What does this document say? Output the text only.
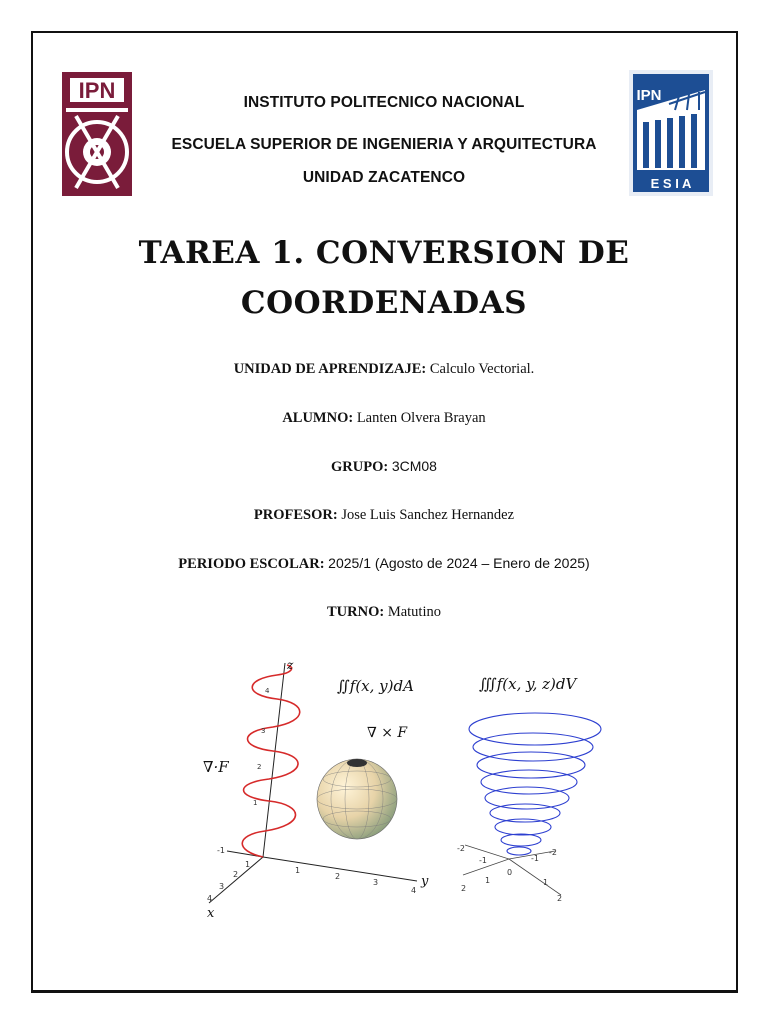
IPN	IPN
E S I A
INSTITUTO POLITECNICO NACIONAL
ESCUELA SUPERIOR DE INGENIERIA Y ARQUITECTURA
UNIDAD ZACATENCO
TAREA 1. CONVERSION DE
COORDENADAS
UNIDAD DE APRENDIZAJE: Calculo Vectorial.
ALUMNO: Lanten Olvera Brayan
GRUPO: 3CM08
PROFESOR: Jose Luis Sanchez Hernandez
PERIODO ESCOLAR: 2025/1 (Agosto de 2024 – Enero de 2025)
TURNO: Matutino
∇·F
∇ × F
∬f(x, y)dA	∭f(x, y, z)dV
z
y
x
4
3
2
1
1
2
3
4
1
2
3
4
-1	-2
-1
0
1
2
-1
-2
1
2
